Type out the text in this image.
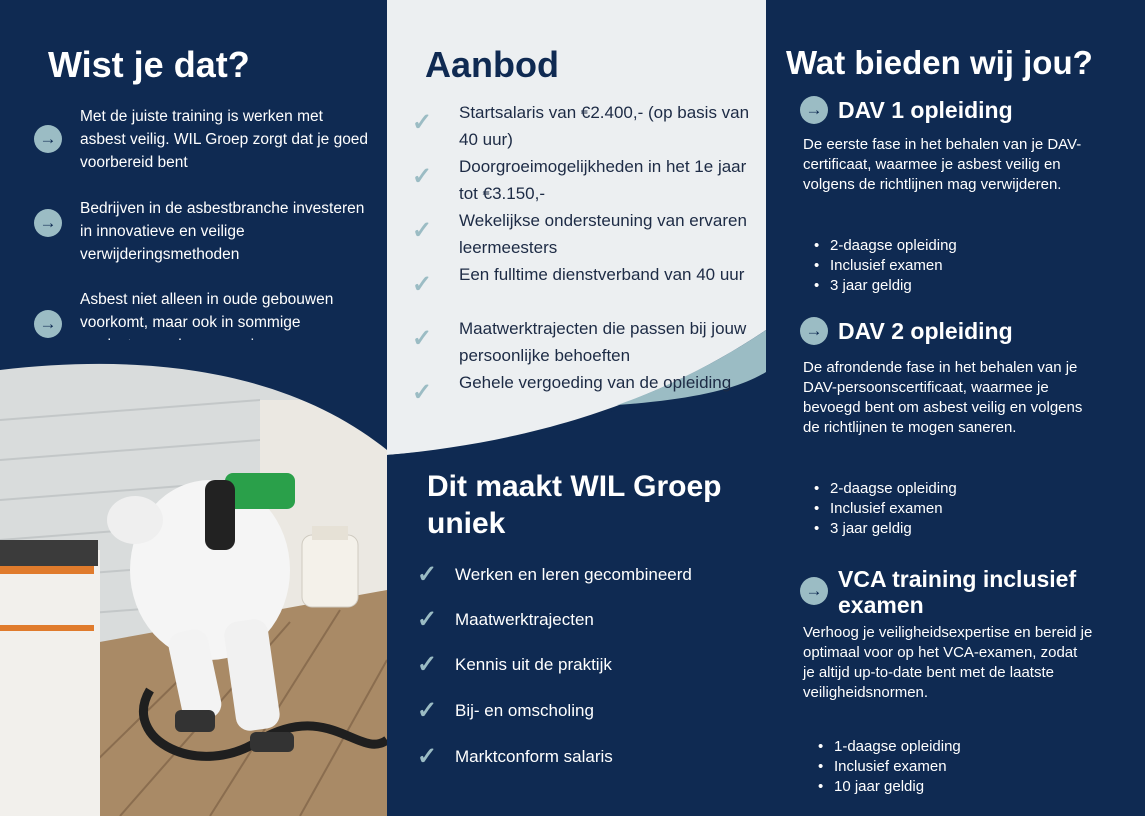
Wist je dat?
→

Met de juiste training is werken met asbest veilig. WIL Groep zorgt dat je goed voorbereid bent

→

Bedrijven in de asbestbranche investeren in innovatieve en veilige verwijderingsmethoden

→

Asbest niet alleen in oude gebouwen voorkomt, maar ook in sommige

Aanbod
✓ Startsalaris van €2.400,- (op basis van 40 uur)

✓ Doorgroeimogelijkheden in het 1e jaar tot €3.150,-

✓ Wekelijkse ondersteuning van ervaren leermeesters

✓ Een fulltime dienstverband van 40 uur

✓ Maatwerktrajecten die passen bij jouw persoonlijke behoeften

✓ Gehele vergoeding van de opleiding

Dit maakt WIL Groep uniek
✓ Werken en leren gecombineerd

✓ Maatwerktrajecten

✓ Kennis uit de praktijk

✓ Bij- en omscholing

✓ Marktconform salaris

Wat bieden wij jou?
→ DAV 1 opleiding

De eerste fase in het behalen van je DAV-certificaat, waarmee je asbest veilig en volgens de richtlijnen mag verwijderen.

• 2-daagse opleiding
• Inclusief examen
• 3 jaar geldig
→ DAV 2 opleiding

De afrondende fase in het behalen van je DAV-persoonscertificaat, waarmee je bevoegd bent om asbest veilig en volgens de richtlijnen te mogen saneren.

• 2-daagse opleiding
• Inclusief examen
• 3 jaar geldig
→ VCA training inclusief examen

Verhoog je veiligheidsexpertise en bereid je optimaal voor op het VCA-examen, zodat je altijd up-to-date bent met de laatste veiligheidsnormen.

• 1-daagse opleiding
• Inclusief examen
• 10 jaar geldig
